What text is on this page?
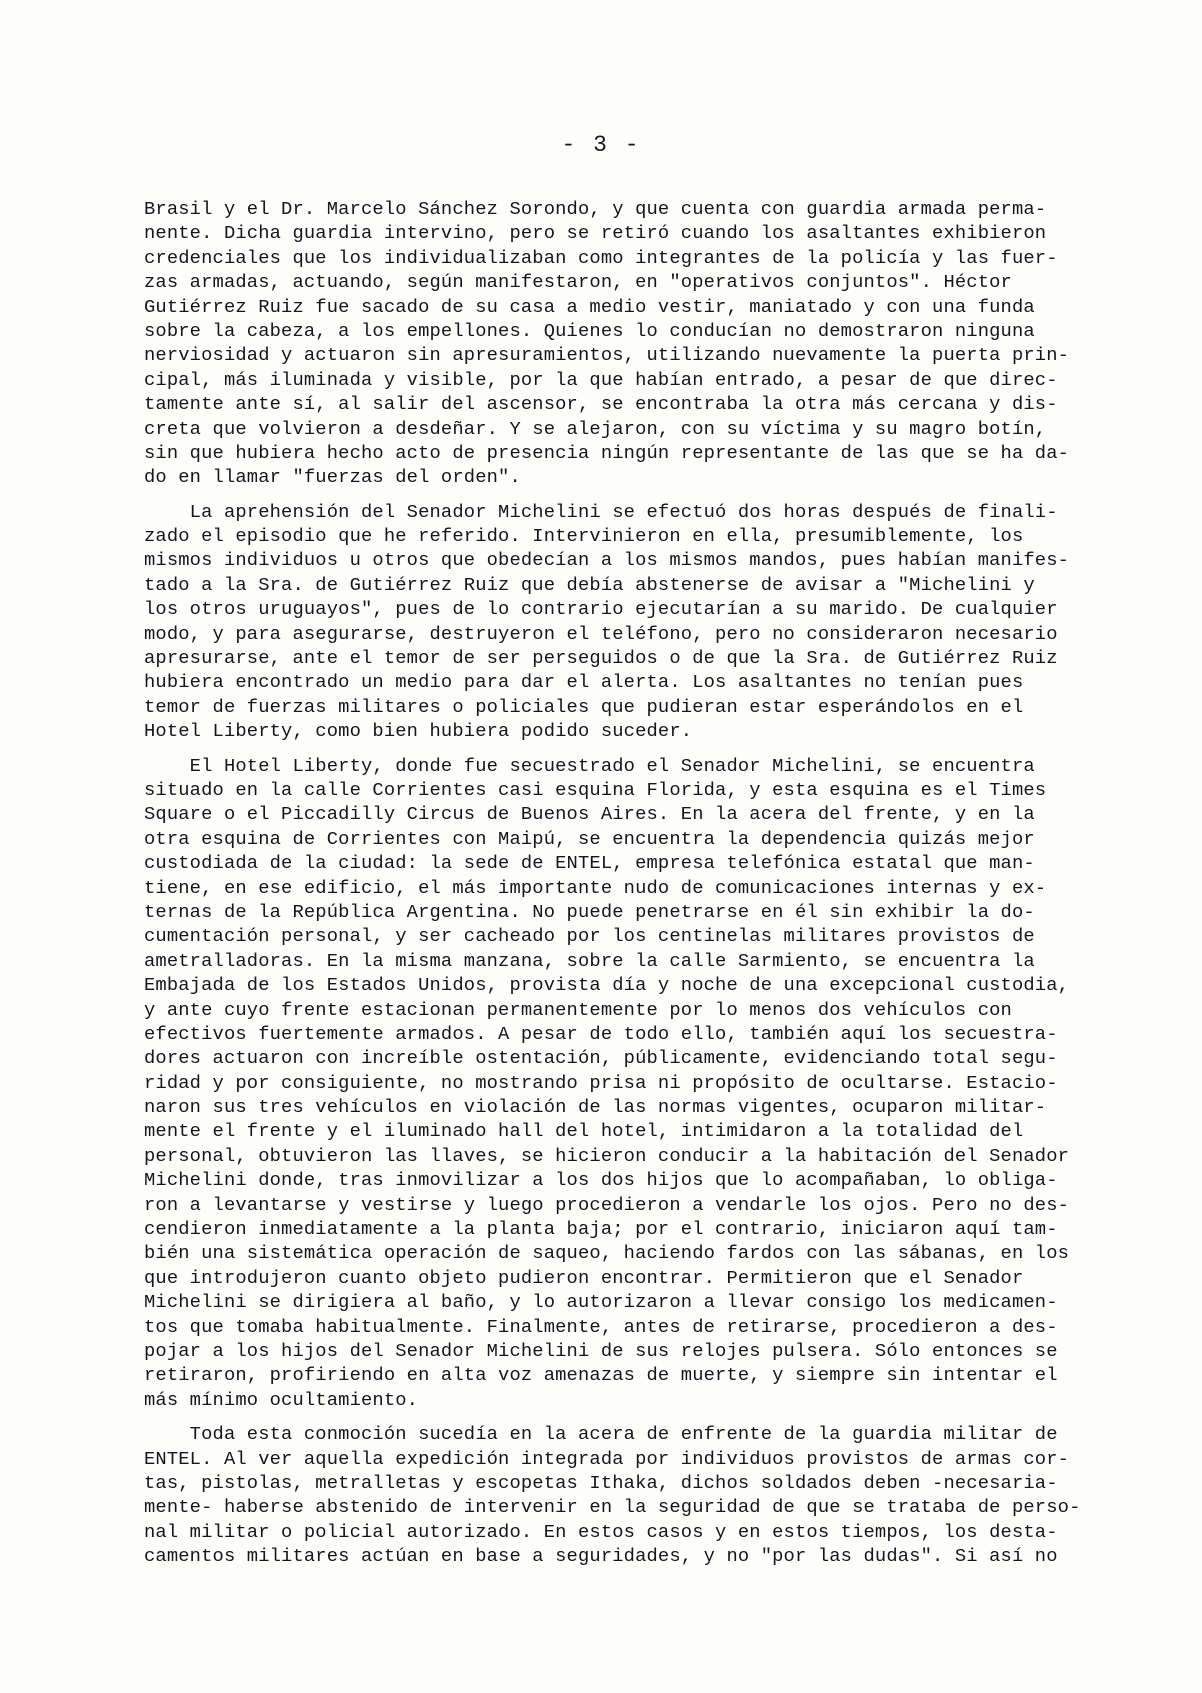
- 3 -
Brasil y el Dr. Marcelo Sánchez Sorondo, y que cuenta con guardia armada perma-
nente. Dicha guardia intervino, pero se retiró cuando los asaltantes exhibieron
credenciales que los individualizaban como integrantes de la policía y las fuer-
zas armadas, actuando, según manifestaron, en "operativos conjuntos". Héctor
Gutiérrez Ruiz fue sacado de su casa a medio vestir, maniatado y con una funda
sobre la cabeza, a los empellones. Quienes lo conducían no demostraron ninguna
nerviosidad y actuaron sin apresuramientos, utilizando nuevamente la puerta prin-
cipal, más iluminada y visible, por la que habían entrado, a pesar de que direc-
tamente ante sí, al salir del ascensor, se encontraba la otra más cercana y dis-
creta que volvieron a desdeñar. Y se alejaron, con su víctima y su magro botín,
sin que hubiera hecho acto de presencia ningún representante de las que se ha da-
do en llamar "fuerzas del orden".
La aprehensión del Senador Michelini se efectuó dos horas después de finali-
zado el episodio que he referido. Intervinieron en ella, presumiblemente, los
mismos individuos u otros que obedecían a los mismos mandos, pues habían manifes-
tado a la Sra. de Gutiérrez Ruiz que debía abstenerse de avisar a "Michelini y
los otros uruguayos", pues de lo contrario ejecutarían a su marido. De cualquier
modo, y para asegurarse, destruyeron el teléfono, pero no consideraron necesario
apresurarse, ante el temor de ser perseguidos o de que la Sra. de Gutiérrez Ruiz
hubiera encontrado un medio para dar el alerta. Los asaltantes no tenían pues
temor de fuerzas militares o policiales que pudieran estar esperándolos en el
Hotel Liberty, como bien hubiera podido suceder.
El Hotel Liberty, donde fue secuestrado el Senador Michelini, se encuentra
situado en la calle Corrientes casi esquina Florida, y esta esquina es el Times
Square o el Piccadilly Circus de Buenos Aires. En la acera del frente, y en la
otra esquina de Corrientes con Maipú, se encuentra la dependencia quizás mejor
custodiada de la ciudad: la sede de ENTEL, empresa telefónica estatal que man-
tiene, en ese edificio, el más importante nudo de comunicaciones internas y ex-
ternas de la República Argentina. No puede penetrarse en él sin exhibir la do-
cumentación personal, y ser cacheado por los centinelas militares provistos de
ametralladoras. En la misma manzana, sobre la calle Sarmiento, se encuentra la
Embajada de los Estados Unidos, provista día y noche de una excepcional custodia,
y ante cuyo frente estacionan permanentemente por lo menos dos vehículos con
efectivos fuertemente armados. A pesar de todo ello, también aquí los secuestra-
dores actuaron con increíble ostentación, públicamente, evidenciando total segu-
ridad y por consiguiente, no mostrando prisa ni propósito de ocultarse. Estacio-
naron sus tres vehículos en violación de las normas vigentes, ocuparon militar-
mente el frente y el iluminado hall del hotel, intimidaron a la totalidad del
personal, obtuvieron las llaves, se hicieron conducir a la habitación del Senador
Michelini donde, tras inmovilizar a los dos hijos que lo acompañaban, lo obliga-
ron a levantarse y vestirse y luego procedieron a vendarle los ojos. Pero no des-
cendieron inmediatamente a la planta baja; por el contrario, iniciaron aquí tam-
bién una sistemática operación de saqueo, haciendo fardos con las sábanas, en los
que introdujeron cuanto objeto pudieron encontrar. Permitieron que el Senador
Michelini se dirigiera al baño, y lo autorizaron a llevar consigo los medicamen-
tos que tomaba habitualmente. Finalmente, antes de retirarse, procedieron a des-
pojar a los hijos del Senador Michelini de sus relojes pulsera. Sólo entonces se
retiraron, profiriendo en alta voz amenazas de muerte, y siempre sin intentar el
más mínimo ocultamiento.
Toda esta conmoción sucedía en la acera de enfrente de la guardia militar de
ENTEL. Al ver aquella expedición integrada por individuos provistos de armas cor-
tas, pistolas, metralletas y escopetas Ithaka, dichos soldados deben -necesaria-
mente- haberse abstenido de intervenir en la seguridad de que se trataba de perso-
nal militar o policial autorizado. En estos casos y en estos tiempos, los desta-
camentos militares actúan en base a seguridades, y no "por las dudas". Si así no
